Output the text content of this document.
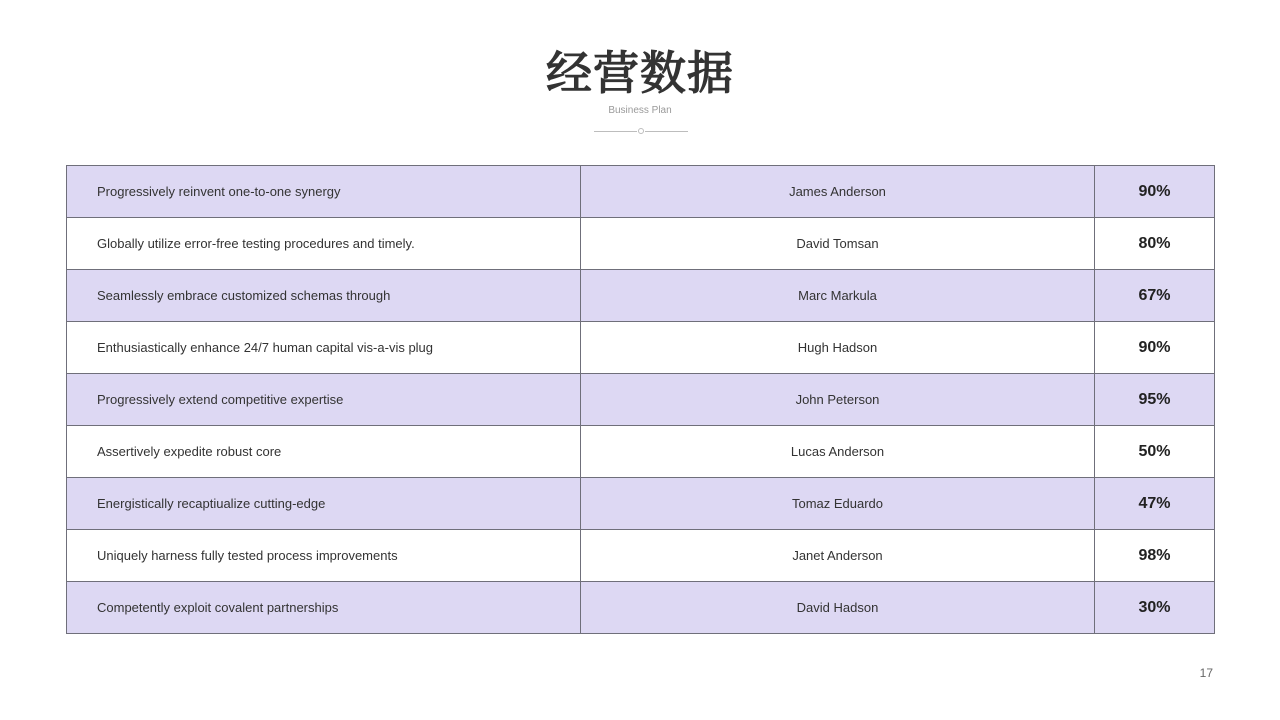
经营数据
Business Plan
Progressively reinvent one-to-one synergy	James Anderson	90%
Globally utilize error-free testing procedures and timely.	David Tomsan	80%
Seamlessly embrace customized schemas through	Marc Markula	67%
Enthusiastically enhance 24/7 human capital vis-a-vis plug	Hugh Hadson	90%
Progressively extend competitive expertise	John Peterson	95%
Assertively expedite robust core	Lucas Anderson	50%
Energistically recaptiualize cutting-edge	Tomaz Eduardo	47%
Uniquely harness fully tested process improvements	Janet Anderson	98%
Competently exploit covalent partnerships	David Hadson	30%
17
